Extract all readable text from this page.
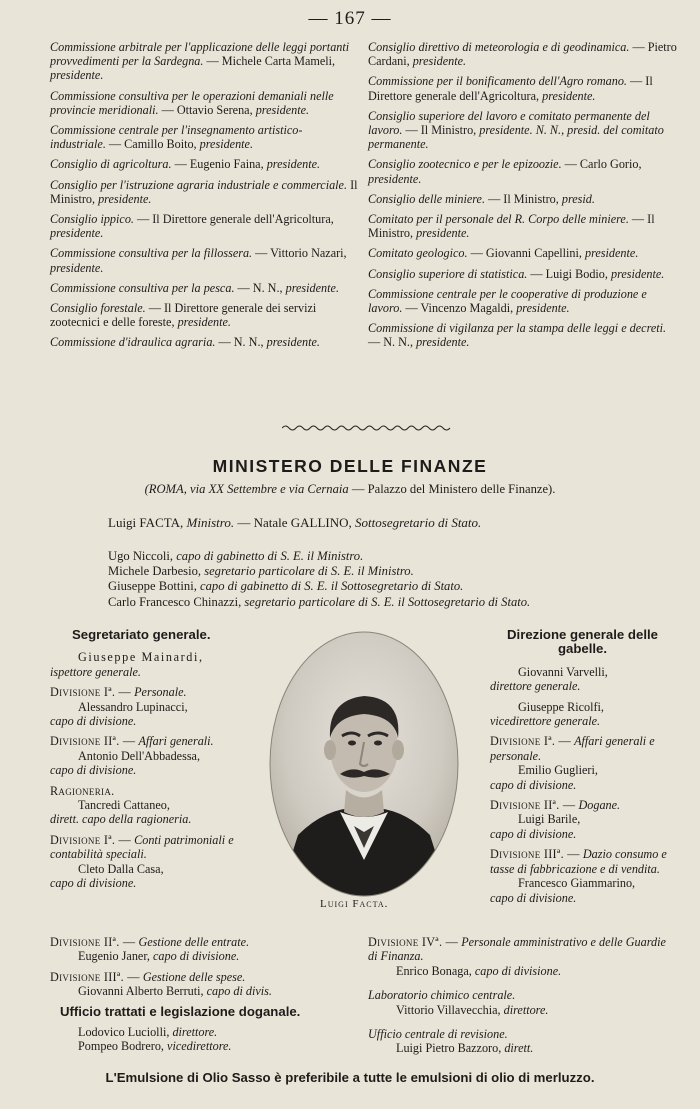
— 167 —
Commissione arbitrale per l'applicazione delle leggi portanti provvedimenti per la Sardegna. — Michele Carta Mameli, presidente.
Commissione consultiva per le operazioni demaniali nelle provincie meridionali. — Ottavio Serena, presidente.
Commissione centrale per l'insegnamento artistico-industriale. — Camillo Boito, presidente.
Consiglio di agricoltura. — Eugenio Faina, presidente.
Consiglio per l'istruzione agraria industriale e commerciale. Il Ministro, presidente.
Consiglio ippico. — Il Direttore generale dell'Agricoltura, presidente.
Commissione consultiva per la fillossera. — Vittorio Nazari, presidente.
Commissione consultiva per la pesca. — N. N., presidente.
Consiglio forestale. — Il Direttore generale dei servizi zootecnici e delle foreste, presidente.
Commissione d'idraulica agraria. — N. N., presidente.
Consiglio direttivo di meteorologia e di geodinamica. — Pietro Cardani, presidente.
Commissione per il bonificamento dell'Agro romano. — Il Direttore generale dell'Agricoltura, presidente.
Consiglio superiore del lavoro e comitato permanente del lavoro. — Il Ministro, presidente. N. N., presid. del comitato permanente.
Consiglio zootecnico e per le epizoozie. — Carlo Gorio, presidente.
Consiglio delle miniere. — Il Ministro, presid.
Comitato per il personale del R. Corpo delle miniere. — Il Ministro, presidente.
Comitato geologico. — Giovanni Capellini, presidente.
Consiglio superiore di statistica. — Luigi Bodio, presidente.
Commissione centrale per le cooperative di produzione e lavoro. — Vincenzo Magaldi, presidente.
Commissione di vigilanza per la stampa delle leggi e decreti. — N. N., presidente.
MINISTERO DELLE FINANZE
(ROMA, via XX Settembre e via Cernaia — Palazzo del Ministero delle Finanze).
Luigi FACTA, Ministro. — Natale GALLINO, Sottosegretario di Stato.
Ugo Niccoli, capo di gabinetto di S. E. il Ministro.
Michele Darbesio, segretario particolare di S. E. il Ministro.
Giuseppe Bottini, capo di gabinetto di S. E. il Sottosegretario di Stato.
Carlo Francesco Chinazzi, segretario particolare di S. E. il Sottosegretario di Stato.
Segretariato generale.
Giuseppe Mainardi,
ispettore generale.
Divisione Iª. — Personale.
Alessandro Lupinacci,
capo di divisione.
Divisione IIª. — Affari generali.
Antonio Dell'Abbadessa,
capo di divisione.
Ragioneria.
Tancredi Cattaneo,
dirett. capo della ragioneria.
Divisione Iª. — Conti patrimoniali e contabilità speciali.
Cleto Dalla Casa,
capo di divisione.
Luigi Facta.
Direzione generale delle gabelle.
Giovanni Varvelli,
direttore generale.
Giuseppe Ricolfi,
vicedirettore generale.
Divisione Iª. — Affari generali e personale.
Emilio Guglieri,
capo di divisione.
Divisione IIª. — Dogane.
Luigi Barile,
capo di divisione.
Divisione IIIª. — Dazio consumo e tasse di fabbricazione e di vendita.
Francesco Giammarino,
capo di divisione.
Divisione IIª. — Gestione delle entrate.
Eugenio Janer, capo di divisione.
Divisione IIIª. — Gestione delle spese.
Giovanni Alberto Berruti, capo di divis.
Ufficio trattati e legislazione doganale.
Lodovico Luciolli, direttore.
Pompeo Bodrero, vicedirettore.
Divisione IVª. — Personale amministrativo e delle Guardie di Finanza.
Enrico Bonaga, capo di divisione.
Laboratorio chimico centrale.
Vittorio Villavecchia, direttore.
Ufficio centrale di revisione.
Luigi Pietro Bazzoro, dirett.
L'Emulsione di Olio Sasso è preferibile a tutte le emulsioni di olio di merluzzo.
